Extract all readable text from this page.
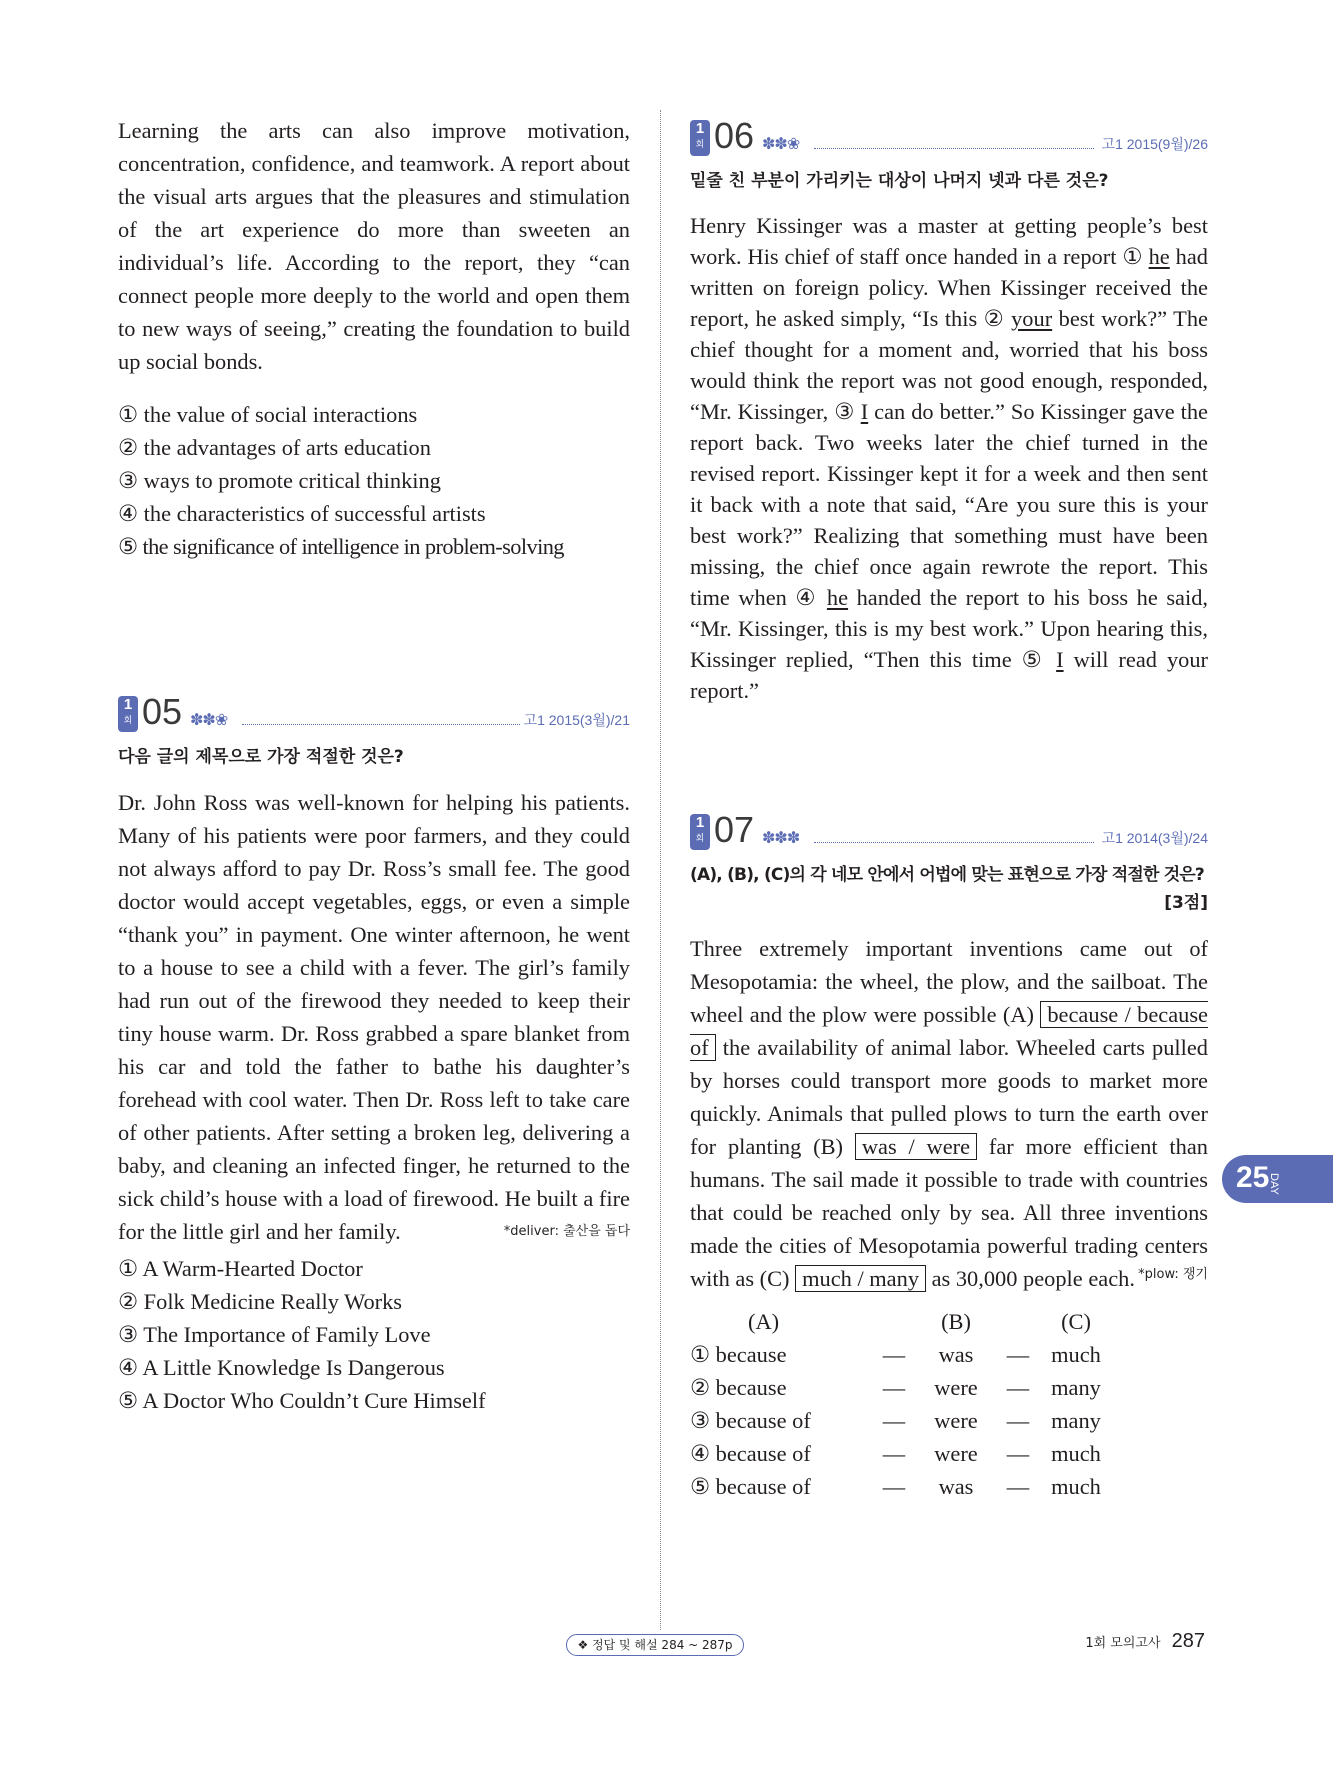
Learning the arts can also improve motivation, concentration, confidence, and teamwork. A report about the visual arts argues that the pleasures and stimulation of the art experience do more than sweeten an individual’s life. According to the report, they “can connect people more deeply to the world and open them to new ways of seeing,” creating the foundation to build up social bonds.

① the value of social interactions
② the advantages of arts education
③ ways to promote critical thinking
④ the characteristics of successful artists
⑤ the significance of intelligence in problem-solving
1
회 05 ✽✽❀	고1 2015(3월)/21
다음 글의 제목으로 가장 적절한 것은?

Dr. John Ross was well-known for helping his patients. Many of his patients were poor farmers, and they could not always afford to pay Dr. Ross’s small fee. The good doctor would accept vegetables, eggs, or even a simple “thank you” in payment. One winter afternoon, he went to a house to see a child with a fever. The girl’s family had run out of the firewood they needed to keep their tiny house warm. Dr. Ross grabbed a spare blanket from his car and told the father to bathe his daughter’s forehead with cool water. Then Dr. Ross left to take care of other patients. After setting a broken leg, delivering a baby, and cleaning an infected finger, he returned to the sick child’s house with a load of firewood. He built a fire for the little girl and her family.	*deliver: 출산을 돕다
① A Warm-Hearted Doctor
② Folk Medicine Really Works
③ The Importance of Family Love
④ A Little Knowledge Is Dangerous
⑤ A Doctor Who Couldn’t Cure Himself
1
회 06 ✽✽❀	고1 2015(9월)/26
밑줄 친 부분이 가리키는 대상이 나머지 넷과 다른 것은?

Henry Kissinger was a master at getting people’s best work. His chief of staff once handed in a report ① he had written on foreign policy. When Kissinger received the report, he asked simply, “Is this ② your best work?” The chief thought for a moment and, worried that his boss would think the report was not good enough, responded, “Mr. Kissinger, ③ I can do better.” So Kissinger gave the report back. Two weeks later the chief turned in the revised report. Kissinger kept it for a week and then sent it back with a note that said, “Are you sure this is your best work?” Realizing that something must have been missing, the chief once again rewrote the report. This time when ④ he handed the report to his boss he said, “Mr. Kissinger, this is my best work.” Upon hearing this, Kissinger replied, “Then this time ⑤ I will read your report.”

1
회 07 ✽✽✽	고1 2014(3월)/24
(A), (B), (C)의 각 네모 안에서 어법에 맞는 표현으로 가장 적절한 것은?
[3점]

Three extremely important inventions came out of Mesopotamia: the wheel, the plow, and the sailboat. The wheel and the plow were possible (A) because / because of the availability of animal labor. Wheeled carts pulled by horses could transport more goods to market more quickly. Animals that pulled plows to turn the earth over for planting (B) was / were far more efficient than humans. The sail made it possible to trade with countries that could be reached only by sea. All three inventions made the cities of Mesopotamia powerful trading centers with as (C) much / many as 30,000 people each. *plow: 쟁기
(A)		(B)		(C)
① because	—	was	—	much
② because	—	were	—	many
③ because of	—	were	—	many
④ because of	—	were	—	much
⑤ because of	—	was	—	much
25
DAY
❖ 정답 및 해설 284 ~ 287p	1회 모의고사 287
